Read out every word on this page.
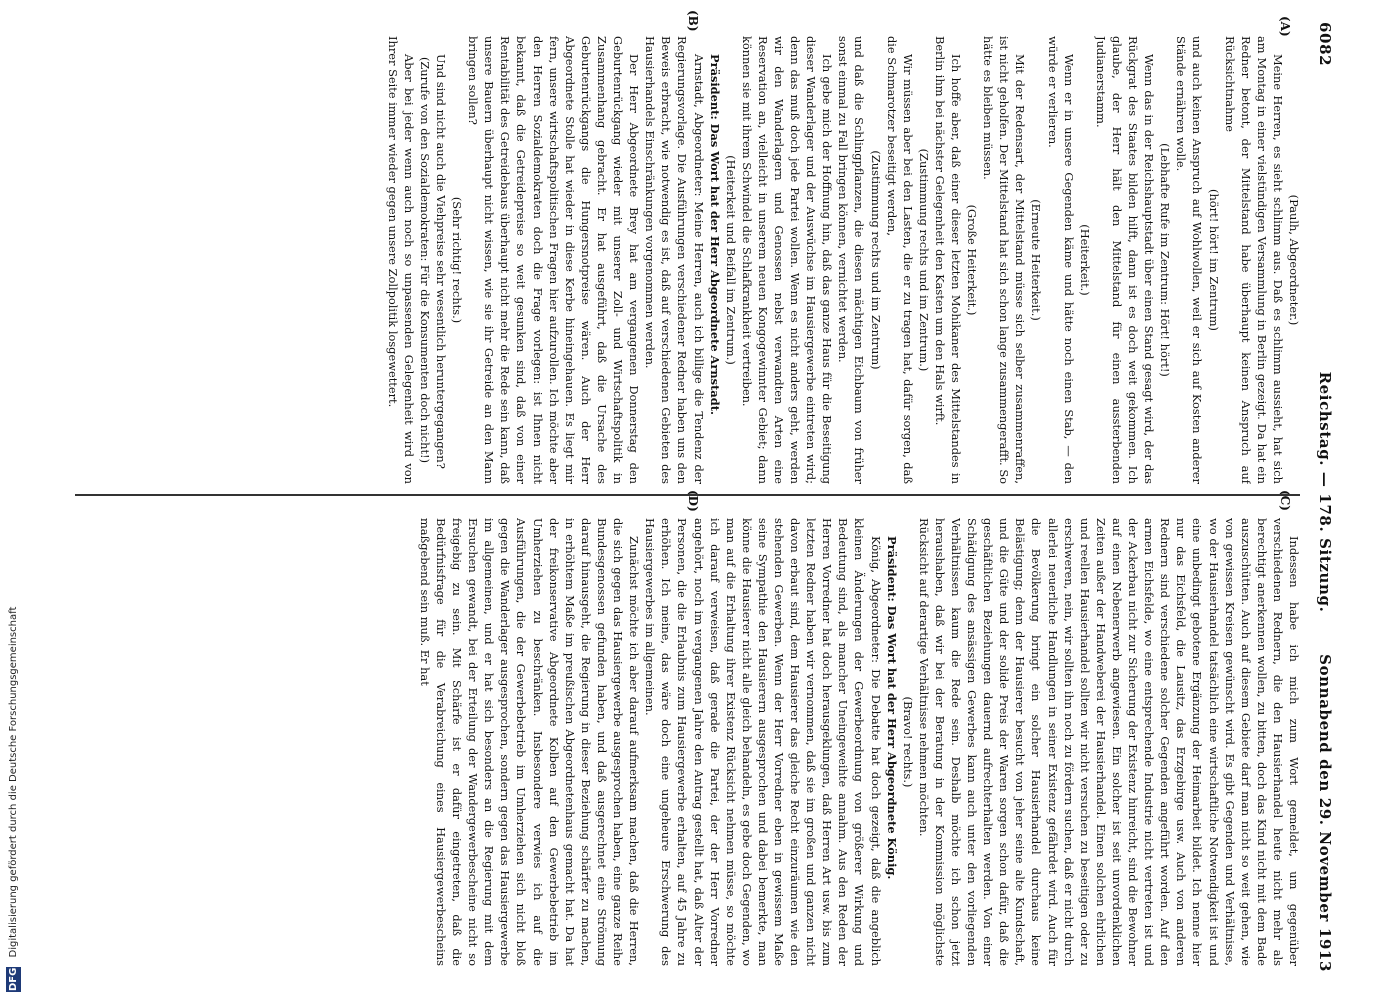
6082
Reichstag. — 178. Sitzung.
Sonnabend den 29. November 1913
(A)
(B)
(C)
(D)

(Paulh, Abgeordneter.)

Meine Herren, es sieht schlimm aus. Daß es schlimm aussieht, hat sich am Montag in einer vielstündigen Versammlung in Berlin gezeigt. Da hat ein Redner betont, der Mittelstand habe überhaupt keinen Anspruch auf Rücksichtnahme

(hört! hört! im Zentrum)

und auch keinen Anspruch auf Wohlwollen, weil er sich auf Kosten anderer Stände ernähren wolle.

(Lebhafte Rufe im Zentrum: Hört! hört!)

Wenn das in der Reichshauptstadt über einen Stand gesagt wird, der das Rückgrat des Staates bilden hilft, dann ist es doch weit gekommen. Ich glaube, der Herr hält den Mittelstand für einen aussterbenden Judianerstamm.

(Heiterkeit.)

Wenn er in unsere Gegenden käme und hätte noch einen Stab, — den würde er verlieren.

(Erneute Heiterkeit.)

Mit der Redensart, der Mittelstand müsse sich selber zusammenraffen, ist nicht geholfen. Der Mittelstand hat sich schon lange zusammengerafft. So hätte es bleiben müssen.

(Große Heiterkeit.)

Ich hoffe aber, daß einer dieser letzten Mohikaner des Mittelstandes in Berlin ihm bei nächster Gelegenheit den Kasten um den Hals wirft.

(Zustimmung rechts und im Zentrum.)

Wir müssen aber bei den Lasten, die er zu tragen hat, dafür sorgen, daß die Schmarotzer beseitigt werden,

(Zustimmung rechts und im Zentrum)

und daß die Schlingpflanzen, die diesen mächtigen Eichbaum von früher sonst einmal zu Fall bringen können, vernichtet werden.

Ich gebe mich der Hoffnung hin, daß das ganze Haus für die Beseitigung dieser Wanderlager und der Auswüchse im Hausiergewerbe eintreten wird; denn das muß doch jede Partei wollen. Wenn es nicht anders geht, werden wir den Wanderlagern und Genossen nebst verwandten Arten eine Reservation an, vielleicht in unserem neuen Kongogewinnter Gebiet; dann können sie mit ihrem Schwindel die Schlafkrankheit vertreiben.

(Heiterkeit und Beifall im Zentrum.)

Präsident: Das Wort hat der Herr Abgeordnete Arnstadt.

Arnstadt, Abgeordneter: Meine Herren, auch ich billige die Tendenz der Regierungsvorlage. Die Ausführungen verschiedener Redner haben uns den Beweis erbracht, wie notwendig es ist, daß auf verschiedenen Gebieten des Hausierhandels Einschränkungen vorgenommen werden.

Der Herr Abgeordnete Brey hat am vergangenen Donnerstag den Geburtenrückgang wieder mit unserer Zoll- und Wirtschaftspolitik in Zusammenhang gebracht. Er hat ausgeführt, daß die Ursache des Geburtenrückgangs die Hungersnotpreise wären. Auch der Herr Abgeordnete Stolle hat wieder in diese Kerbe hineingehauen. Es liegt mir fern, unsere wirtschaftspolitischen Fragen hier aufzurollen. Ich möchte aber den Herren Sozialdemokraten doch die Frage vorlegen: ist Ihnen nicht bekannt, daß die Getreidepreise so weit gesunken sind, daß von einer Rentabilität des Getreidebaus überhaupt nicht mehr die Rede sein kann, daß unsere Bauern überhaupt nicht wissen, wie sie ihr Getreide an den Mann bringen sollen?

(Sehr richtig! rechts.)

Und sind nicht auch die Viehpreise sehr wesentlich heruntergegangen?

(Zurufe von den Sozialdemokraten: Für die Konsumenten doch nicht!)

Aber bei jeder wenn auch noch so unpassenden Gelegenheit wird von Ihrer Seite immer wieder gegen unsere Zollpolitik losgewettert.

Indessen habe ich mich zum Wort gemeldet, um gegenüber verschiedenen Rednern, die den Hausierhandel heute nicht mehr als berechtigt anerkennen wollen, zu bitten, doch das Kind nicht mit dem Bade auszuschütten. Auch auf diesem Gebiete darf man nicht so weit gehen, wie von gewissen Kreisen gewünscht wird. Es gibt Gegenden und Verhältnisse, wo der Hausierhandel tatsächlich eine wirtschaftliche Notwendigkeit ist und eine unbedingt gebotene Ergänzung der Heimarbeit bildet. Ich nenne hier nur das Eichsfeld, die Lausitz, das Erzgebirge usw. Auch von anderen Rednern sind verschiedene solcher Gegenden angeführt worden. Auf den armen Eichsfelde, wo eine entsprechende Industrie nicht vertreten ist und der Ackerbau nicht zur Sicherung der Existenz hinreicht, sind die Bewohner auf einen Nebenerwerb angewiesen. Ein solcher ist seit unvordenklichen Zeiten außer der Handweberei der Hausierhandel. Einen solchen ehrlichen und reellen Hausierhandel sollten wir nicht versuchen zu beseitigen oder zu erschweren, nein, wir sollten ihn noch zu fördern suchen, daß er nicht durch allerlei neuerliche Handlungen in seiner Existenz gefährdet wird. Auch für die Bevölkerung bringt ein solcher Hausierhandel durchaus keine Belästigung; denn der Hausierer besucht von jeher seine alte Kundschaft, und die Güte und der solide Preis der Waren sorgen schon dafür, daß die geschäftlichen Beziehungen dauernd aufrechterhalten werden. Von einer Schädigung des ansässigen Gewerbes kann auch unter den vorliegenden Verhältnissen kaum die Rede sein. Deshalb möchte ich schon jetzt heraushaben, daß wir bei der Beratung in der Kommission möglichste Rücksicht auf derartige Verhältnisse nehmen möchten.

(Bravo! rechts.)

Präsident: Das Wort hat der Herr Abgeordnete König.

König, Abgeordneter: Die Debatte hat doch gezeigt, daß die angeblich kleinen Änderungen der Gewerbeordnung von größerer Wirkung und Bedeutung sind, als mancher Uneingeweihte annahm. Aus den Reden der Herren Vorredner hat doch herausgeklungen, daß Herren Art usw. bis zum letzten Redner haben wir vernommen, daß sie im großen und ganzen nicht davon erbaut sind, dem Hausierer das gleiche Recht einzuräumen wie den stehenden Gewerben. Wenn der Herr Vorredner eben in gewissem Maße seine Sympathie den Hausierern ausgesprochen und dabei bemerkte, man könne die Hausierer nicht alle gleich behandeln, es gebe doch Gegenden, wo man auf die Erhaltung ihrer Existenz Rücksicht nehmen müsse, so möchte ich darauf verweisen, daß gerade die Partei, der der Herr Vorredner angehört, noch im vergangenen Jahre den Antrag gestellt hat, daß Alter der Personen, die die Erlaubnis zum Hausiergewerbe erhalten, auf 45 Jahre zu erhöhen. Ich meine, das wäre doch eine ungeheure Erschwerung des Hausiergewerbes im allgemeinen.

Zunächst möchte ich aber darauf aufmerksam machen, daß die Herren, die sich gegen das Hausiergewerbe ausgesprochen haben, eine ganze Reihe Bundesgenossen gefunden haben, und daß ausgerechnet eine Strömung darauf hinausgeht, die Regierung in dieser Beziehung schärfer zu machen, in erhöhtem Maße im preußischen Abgeordnetenhaus gemacht hat. Da hat der freikonservative Abgeordnete Kolben auf den Gewerbebetrieb im Umherziehen zu beschränken. Insbesondere verwies ich auf die Ausführungen, die der Gewerbebetrieb im Umherziehen sich nicht bloß gegen die Wanderlager ausgesprochen, sondern gegen das Hausiergewerbe im allgemeinen, und er hat sich besonders an die Regierung mit dem Ersuchen gewandt, bei der Erteilung der Wandergewerbescheine nicht so freigebig zu sein. Mit Schärfe ist er dafür eingetreten, daß die Bedürfnisfrage für die Verabreichung eines Hausiergewerbescheins maßgebend sein muß. Er hat

DFG Digitalisierung gefördert durch die Deutsche Forschungsgemeinschaft
